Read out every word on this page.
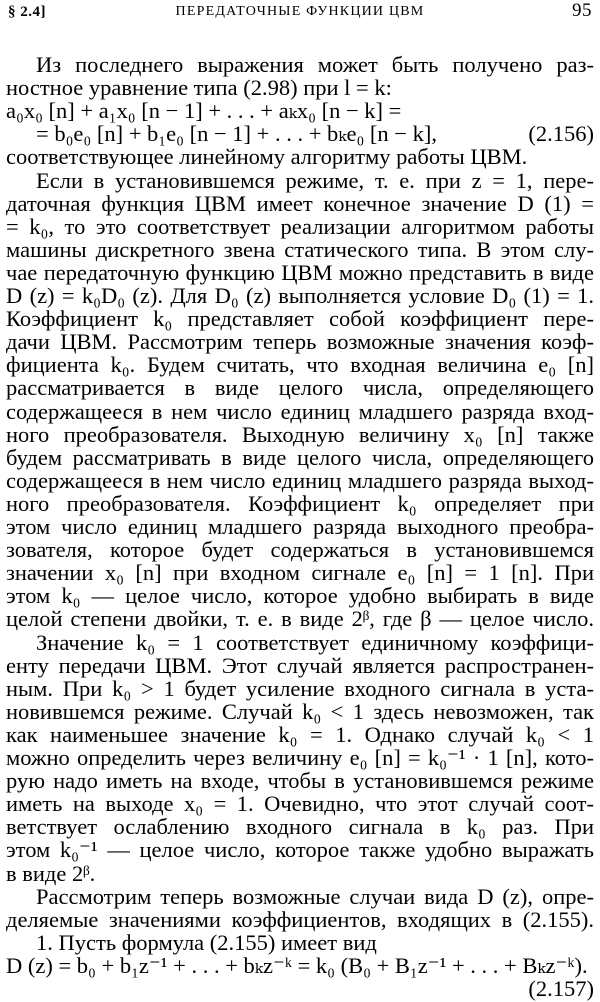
§ 2.4]	ПЕРЕДАТОЧНЫЕ ФУНКЦИИ ЦВМ	95
Из последнего выражения может быть получено раз-
ностное уравнение типа (2.98) при l = k:
a₀x₀ [n] + a₁x₀ [n − 1] + . . . + aₖx₀ [n − k] =
= b₀e₀ [n] + b₁e₀ [n − 1] + . . . + bₖe₀ [n − k],	(2.156)
соответствующее линейному алгоритму работы ЦВМ.
Если в установившемся режиме, т. е. при z = 1, пере-
даточная функция ЦВМ имеет конечное значение D (1) =
= k₀, то это соответствует реализации алгоритмом работы
машины дискретного звена статического типа. В этом слу-
чае передаточную функцию ЦВМ можно представить в виде
D (z) = k₀D₀ (z). Для D₀ (z) выполняется условие D₀ (1) = 1.
Коэффициент k₀ представляет собой коэффициент пере-
дачи ЦВМ. Рассмотрим теперь возможные значения коэф-
фициента k₀. Будем считать, что входная величина e₀ [n]
рассматривается в виде целого числа, определяющего
содержащееся в нем число единиц младшего разряда вход-
ного преобразователя. Выходную величину x₀ [n] также
будем рассматривать в виде целого числа, определяющего
содержащееся в нем число единиц младшего разряда выход-
ного преобразователя. Коэффициент k₀ определяет при
этом число единиц младшего разряда выходного преобра-
зователя, которое будет содержаться в установившемся
значении x₀ [n] при входном сигнале e₀ [n] = 1 [n]. При
этом k₀ — целое число, которое удобно выбирать в виде
целой степени двойки, т. е. в виде 2ᵝ, где β — целое число.
Значение k₀ = 1 соответствует единичному коэффици-
енту передачи ЦВМ. Этот случай является распространен-
ным. При k₀ > 1 будет усиление входного сигнала в уста-
новившемся режиме. Случай k₀ < 1 здесь невозможен, так
как наименьшее значение k₀ = 1. Однако случай k₀ < 1
можно определить через величину e₀ [n] = k₀⁻¹ · 1 [n], кото-
рую надо иметь на входе, чтобы в установившемся режиме
иметь на выходе x₀ = 1. Очевидно, что этот случай соот-
ветствует ослаблению входного сигнала в k₀ раз. При
этом k₀⁻¹ — целое число, которое также удобно выражать
в виде 2ᵝ.
Рассмотрим теперь возможные случаи вида D (z), опре-
деляемые значениями коэффициентов, входящих в (2.155).
1. Пусть формула (2.155) имеет вид
D (z) = b₀ + b₁z⁻¹ + . . . + bₖz⁻ᵏ = k₀ (B₀ + B₁z⁻¹ + . . . + Bₖz⁻ᵏ).
(2.157)
